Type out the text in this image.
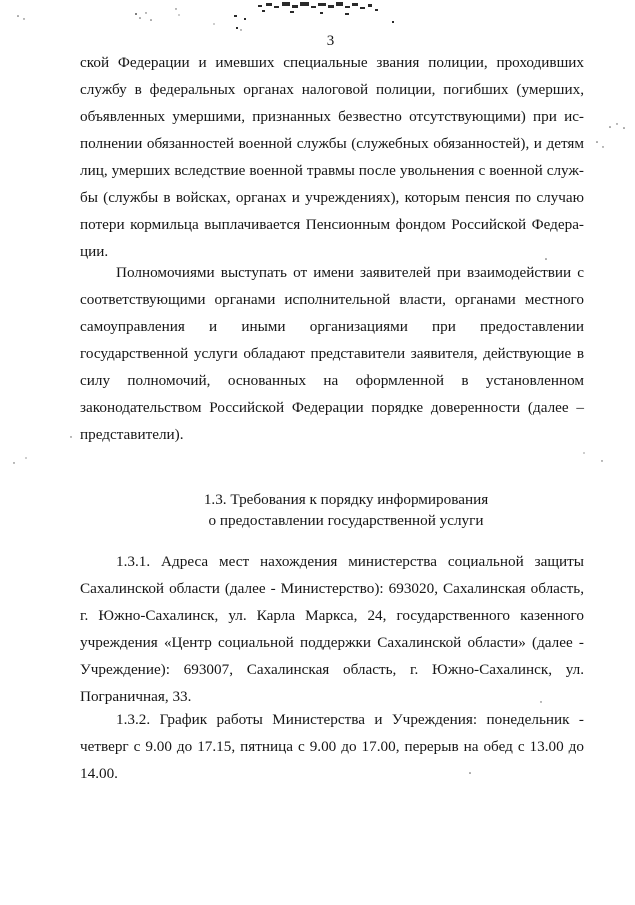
3
ской Федерации и имевших специальные звания полиции, проходивших
службу в федеральных органах налоговой полиции, погибших (умерших,
объявленных умершими, признанных безвестно отсутствующими) при ис-
полнении обязанностей военной службы (служебных обязанностей), и детям
лиц, умерших вследствие военной травмы после увольнения с военной служ-
бы (службы в войсках, органах и учреждениях), которым пенсия по случаю
потери кормильца выплачивается Пенсионным фондом Российской Федера-
ции.
Полномочиями выступать от имени заявителей при взаимодействии с
соответствующими органами исполнительной власти, органами местного
самоуправления и иными организациями при предоставлении
государственной услуги обладают представители заявителя, действующие в
силу полномочий, основанных на оформленной в установленном
законодательством Российской Федерации порядке доверенности (далее –
представители).
1.3. Требования к порядку информирования
о предоставлении государственной услуги
1.3.1. Адреса мест нахождения министерства социальной защиты
Сахалинской области (далее - Министерство): 693020, Сахалинская область,
г. Южно-Сахалинск, ул. Карла Маркса, 24, государственного казенного
учреждения «Центр социальной поддержки Сахалинской области» (далее -
Учреждение): 693007, Сахалинская область, г. Южно-Сахалинск, ул.
Пограничная, 33.
1.3.2. График работы Министерства и Учреждения: понедельник -
четверг с 9.00 до 17.15, пятница с 9.00 до 17.00, перерыв на обед с 13.00 до
14.00.
